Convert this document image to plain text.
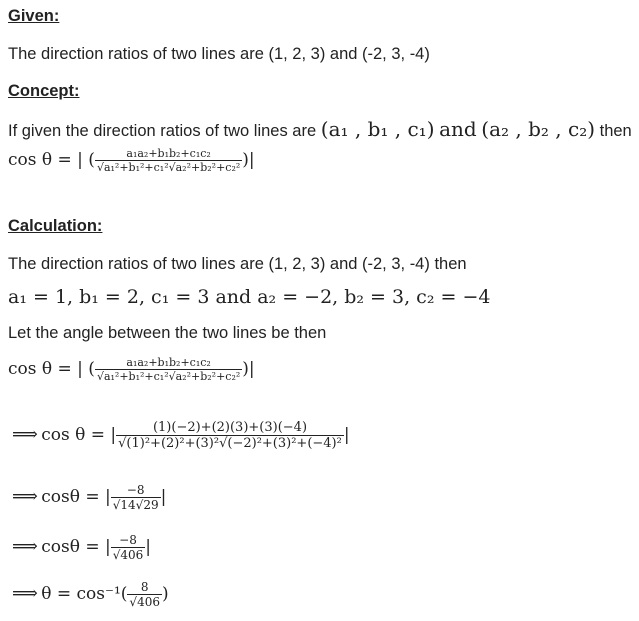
Given:
The direction ratios of two lines are (1, 2, 3) and (-2, 3, -4)
Concept:
If given the direction ratios of two lines are (a₁ , b₁ , c₁) and (a₂ , b₂ , c₂) then
cos θ = | ( $\frac{\text{a₁a₂+b₁b₂+c₁c₂}}{\text{√a₁²+b₁²+c₁²√a₂²+b₂²+c₂²}}$ )|
Calculation:
The direction ratios of two lines are (1, 2, 3) and (-2, 3, -4) then
a₁ = 1, b₁ = 2, c₁ = 3 and a₂ = −2, b₂ = 3, c₂ = −4
Let the angle between the two lines be then
cos θ = | ( $\frac{\text{a₁a₂+b₁b₂+c₁c₂}}{\text{√a₁²+b₁²+c₁²√a₂²+b₂²+c₂²}}$ )|
⟹ cos θ = | $\frac{(1)(-2)+(2)(3)+(3)(-4)}{\text{√(1)²+(2)²+(3)²√(−2)²+(3)²+(−4)²}}$ |
⟹ cosθ = | $\frac{-8}{√14√29}$ |
⟹ cosθ = | $\frac{-8}{√406}$ |
⟹ $\theta = \cos^{-1}( \frac{8}{√406}$ )
